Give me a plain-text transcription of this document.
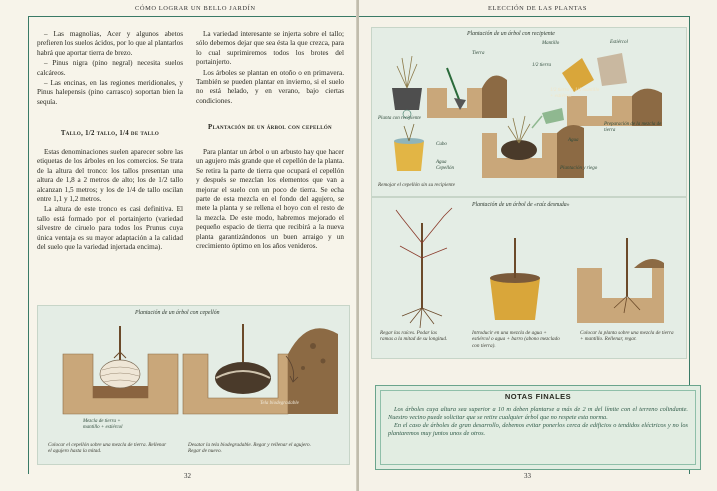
CÓMO LOGRAR UN BELLO JARDÍN

– Las magnolias, Acer y algunos abetos prefieren los suelos ácidos, por lo que al plantarlos habrá que aportar tierra de brezo.

– Pinus nigra (pino negral) necesita suelos calcáreos.

– Las encinas, en las regiones meridionales, y Pinus halepensis (pino carrasco) soportan bien la sequía.

La variedad interesante se injerta sobre el tallo; sólo debemos dejar que sea ésta la que crezca, para lo cual suprimiremos todos los brotes del portainjerto.

Los árboles se plantan en otoño o en primavera. También se pueden plantar en invierno, si el suelo no está helado, y en verano, bajo ciertas condiciones.

Tallo, 1/2 tallo, 1/4 de tallo
Plantación de un árbol con cepellón

Estas denominaciones suelen aparecer sobre las etiquetas de los árboles en los comercios. Se trata de la altura del tronco: los tallos presentan una altura de 1,8 a 2 metros de alto; los de 1/2 tallo alcanzan 1,5 metros; y los de 1/4 de tallo oscilan entre 1,1 y 1,2 metros.

La altura de este tronco es casi definitiva. El tallo está formado por el portainjerto (variedad silvestre de ciruelo para todos los Prunus cuya única ventaja es su mayor adaptación a la calidad del suelo que la variedad injertada encima).

Para plantar un árbol o un arbusto hay que hacer un agujero más grande que el cepellón de la planta. Se retira la parte de tierra que ocupará el cepellón y después se mezclan los elementos que van a mejorar el suelo con un poco de tierra. Se echa parte de esta mezcla en el fondo del agujero, se mete la planta y se rellena el hoyo con el resto de la mezcla. De este modo, habremos mejorado el pequeño espacio de tierra que recibirá a la nueva planta garantizándonos un buen arraigo y un crecimiento óptimo en los años venideros.

Plantación de un árbol con cepellón
Mezcla de tierra + mantillo + estiércol
Tela biodegradable
Colocar el cepellón sobre una mezcla de tierra. Rellenar el agujero hasta la mitad.
Desatar la tela biodegradable. Regar y rellenar el agujero. Regar de nuevo.
32
ELECCIÓN DE LAS PLANTAS
Plantación de un árbol con recipiente
Tierra
Mantillo	Estiércol
1/2 tierra
1/2 tierra + 1/4 mantillo + estiércol
Planta con recipiente
Preparación de la mezcla de tierra
Agua
Cubo
Agua Cepellón	Plantación y riego
Remojar el cepellón sin su recipiente
Plantación de un árbol de «raíz desnuda»
Regar las raíces. Podar las ramas a la mitad de su longitud.
Introducir en una mezcla de agua + estiércol o agua + barro (abono mezclado con tierra).
Colocar la planta sobre una mezcla de tierra + mantillo. Rellenar, regar.
NOTAS FINALES

Los árboles cuya altura sea superior a 10 m deben plantarse a más de 2 m del límite con el terreno colindante. Nuestro vecino puede solicitar que se retire cualquier árbol que no respete esta norma.

En el caso de árboles de gran desarrollo, debemos evitar ponerlos cerca de edificios o tendidos eléctricos y no los plantaremos muy juntos unos de otros.

33
